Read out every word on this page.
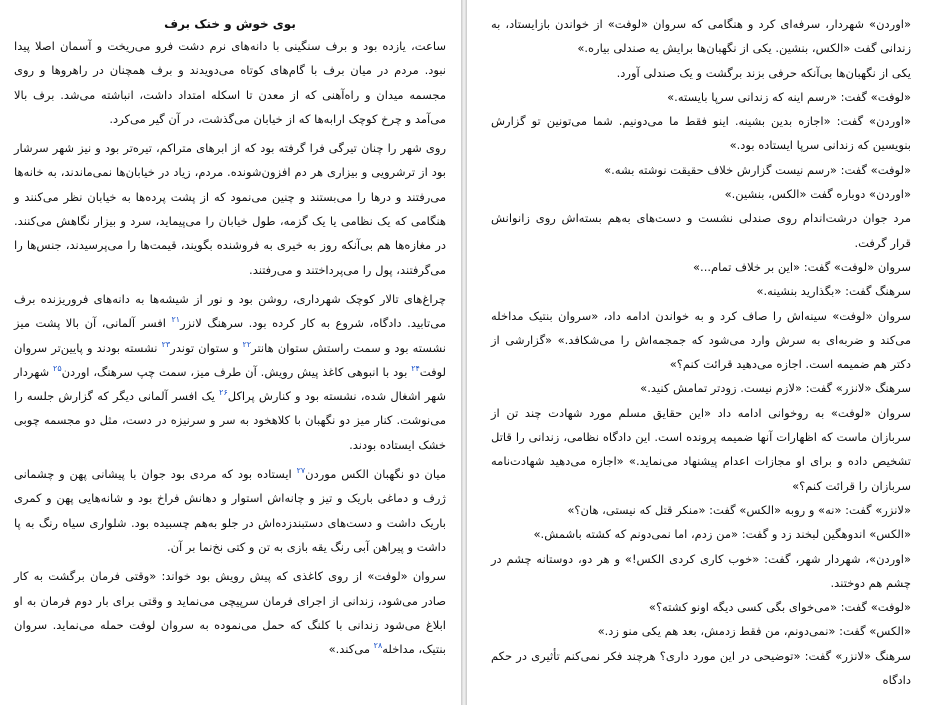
بوی خوش و خنک برف

ساعت، یازده بود و برف سنگینی با دانه‌های نرم دشت فرو می‌ریخت و آسمان اصلا پیدا نبود. مردم در میان برف با گام‌های کوتاه می‌دویدند و برف همچنان در راهروها و روی مجسمه میدان و راه‌آهنی که از معدن تا اسکله امتداد داشت، انباشته می‌شد. برف بالا می‌آمد و چرخ کوچک ارابه‌ها که از خیابان می‌گذشت، در آن گیر می‌کرد.

روی شهر را چنان تیرگی فرا گرفته بود که از ابرهای متراکم، تیره‌تر بود و نیز شهر سرشار بود از ترشرویی و بیزاری هر دم افزون‌شونده. مردم، زیاد در خیابان‌ها نمی‌ماندند، به خانه‌ها می‌رفتند و درها را می‌بستند و چنین می‌نمود که از پشت پرده‌ها به خیابان نظر می‌کنند و هنگامی که یک نظامی یا یک گزمه، طول خیابان را می‌پیماید، سرد و بیزار نگاهش می‌کنند. در مغازه‌ها هم بی‌آنکه روز به خیری به فروشنده بگویند، قیمت‌ها را می‌پرسیدند، جنس‌ها را می‌گرفتند، پول را می‌پرداختند و می‌رفتند.

چراغ‌های تالار کوچک شهرداری، روشن بود و نور از شیشه‌ها به دانه‌های فروریزنده برف می‌تابید. دادگاه، شروع به کار کرده بود. سرهنگ لانزر$^{۲۱}$ افسر آلمانی، آن بالا پشت میز نشسته بود و سمت راستش ستوان هانتر$^{۲۲}$ و ستوان توندر$^{۲۳}$ نشسته بودند و پایین‌تر سروان لوفت$^{۲۴}$ بود با انبوهی کاغذ پیش رویش. آن طرف میز، سمت چپ سرهنگ، اوردن$^{۲۵}$ شهردار شهر اشغال شده، نشسته بود و کنارش پراکل$^{۲۶}$ یک افسر آلمانی دیگر که گزارش جلسه را می‌نوشت. کنار میز دو نگهبان با کلاهخود به سر و سرنیزه در دست، مثل دو مجسمه چوبی خشک ایستاده بودند.

میان دو نگهبان الکس موردن$^{۲۷}$ ایستاده بود که مردی بود جوان با پیشانی پهن و چشمانی ژرف و دماغی باریک و تیز و چانه‌اش استوار و دهانش فراخ بود و شانه‌هایی پهن و کمری باریک داشت و دست‌های دستبندزده‌اش در جلو به‌هم چسبیده بود. شلواری سیاه رنگ به پا داشت و پیراهن آبی رنگ یقه بازی به تن و کتی نخ‌نما بر آن.

سروان «لوفت» از روی کاغذی که پیش رویش بود خواند: «وقتی فرمان برگشت به کار صادر می‌شود، زندانی از اجرای فرمان سرپیچی می‌نماید و وقتی برای بار دوم فرمان به او ابلاغ می‌شود زندانی با کلنگ که حمل می‌نموده به سروان لوفت حمله می‌نماید. سروان بنتیک، مداخله$^{۲۸}$ می‌کند.»

«اوردن» شهردار، سرفه‌ای کرد و هنگامی که سروان «لوفت» از خواندن بازایستاد، به زندانی گفت «الکس، بنشین. یکی از نگهبان‌ها برایش یه صندلی بیاره.»

یکی از نگهبان‌ها بی‌آنکه حرفی بزند برگشت و یک صندلی آورد.

«لوفت» گفت: «رسم اینه که زندانی سرپا بایسته.»

«اوردن» گفت: «اجازه بدین بشینه. اینو فقط ما می‌دونیم. شما می‌تونین تو گزارش بنویسین که زندانی سرپا ایستاده بود.»

«لوفت» گفت: «رسم نیست گزارش خلاف حقیقت نوشته بشه.»

«اوردن» دوباره گفت «الکس، بنشین.»

مرد جوان درشت‌اندام روی صندلی نشست و دست‌های به‌هم بسته‌اش روی زانوانش قرار گرفت.

سروان «لوفت» گفت: «این بر خلاف تمام...»

سرهنگ گفت: «بگذارید بنشینه.»

سروان «لوفت» سینه‌اش را صاف کرد و به خواندن ادامه داد، «سروان بنتیک مداخله می‌کند و ضربه‌ای به سرش وارد می‌شود که جمجمه‌اش را می‌شکافد.» «گزارشی از دکتر هم ضمیمه است. اجازه می‌دهید قرائت کنم؟»

سرهنگ «لانزر» گفت: «لازم نیست. زودتر تمامش کنید.»

سروان «لوفت» به روخوانی ادامه داد «این حقایق مسلم مورد شهادت چند تن از سربازان ماست که اظهارات آنها ضمیمه پرونده است. این دادگاه نظامی، زندانی را قاتل تشخیص داده و برای او مجازات اعدام پیشنهاد می‌نماید.» «اجازه می‌دهید شهادت‌نامه سربازان را قرائت کنم؟»

«لانزر» گفت: «نه» و روبه «الکس» گفت: «منکر قتل که نیستی، هان؟»

«الکس» اندوهگین لبخند زد و گفت: «من زدم، اما نمی‌دونم که کشته باشمش.»

«اوردن»، شهردار شهر، گفت: «خوب کاری کردی الکس!» و هر دو، دوستانه چشم در چشم هم دوختند.

«لوفت» گفت: «می‌خوای بگی کسی دیگه اونو کشته؟»

«الکس» گفت: «نمی‌دونم، من فقط زدمش، بعد هم یکی منو زد.»

سرهنگ «لانزر» گفت: «توضیحی در این مورد داری؟ هرچند فکر نمی‌کنم تأثیری در حکم دادگاه
